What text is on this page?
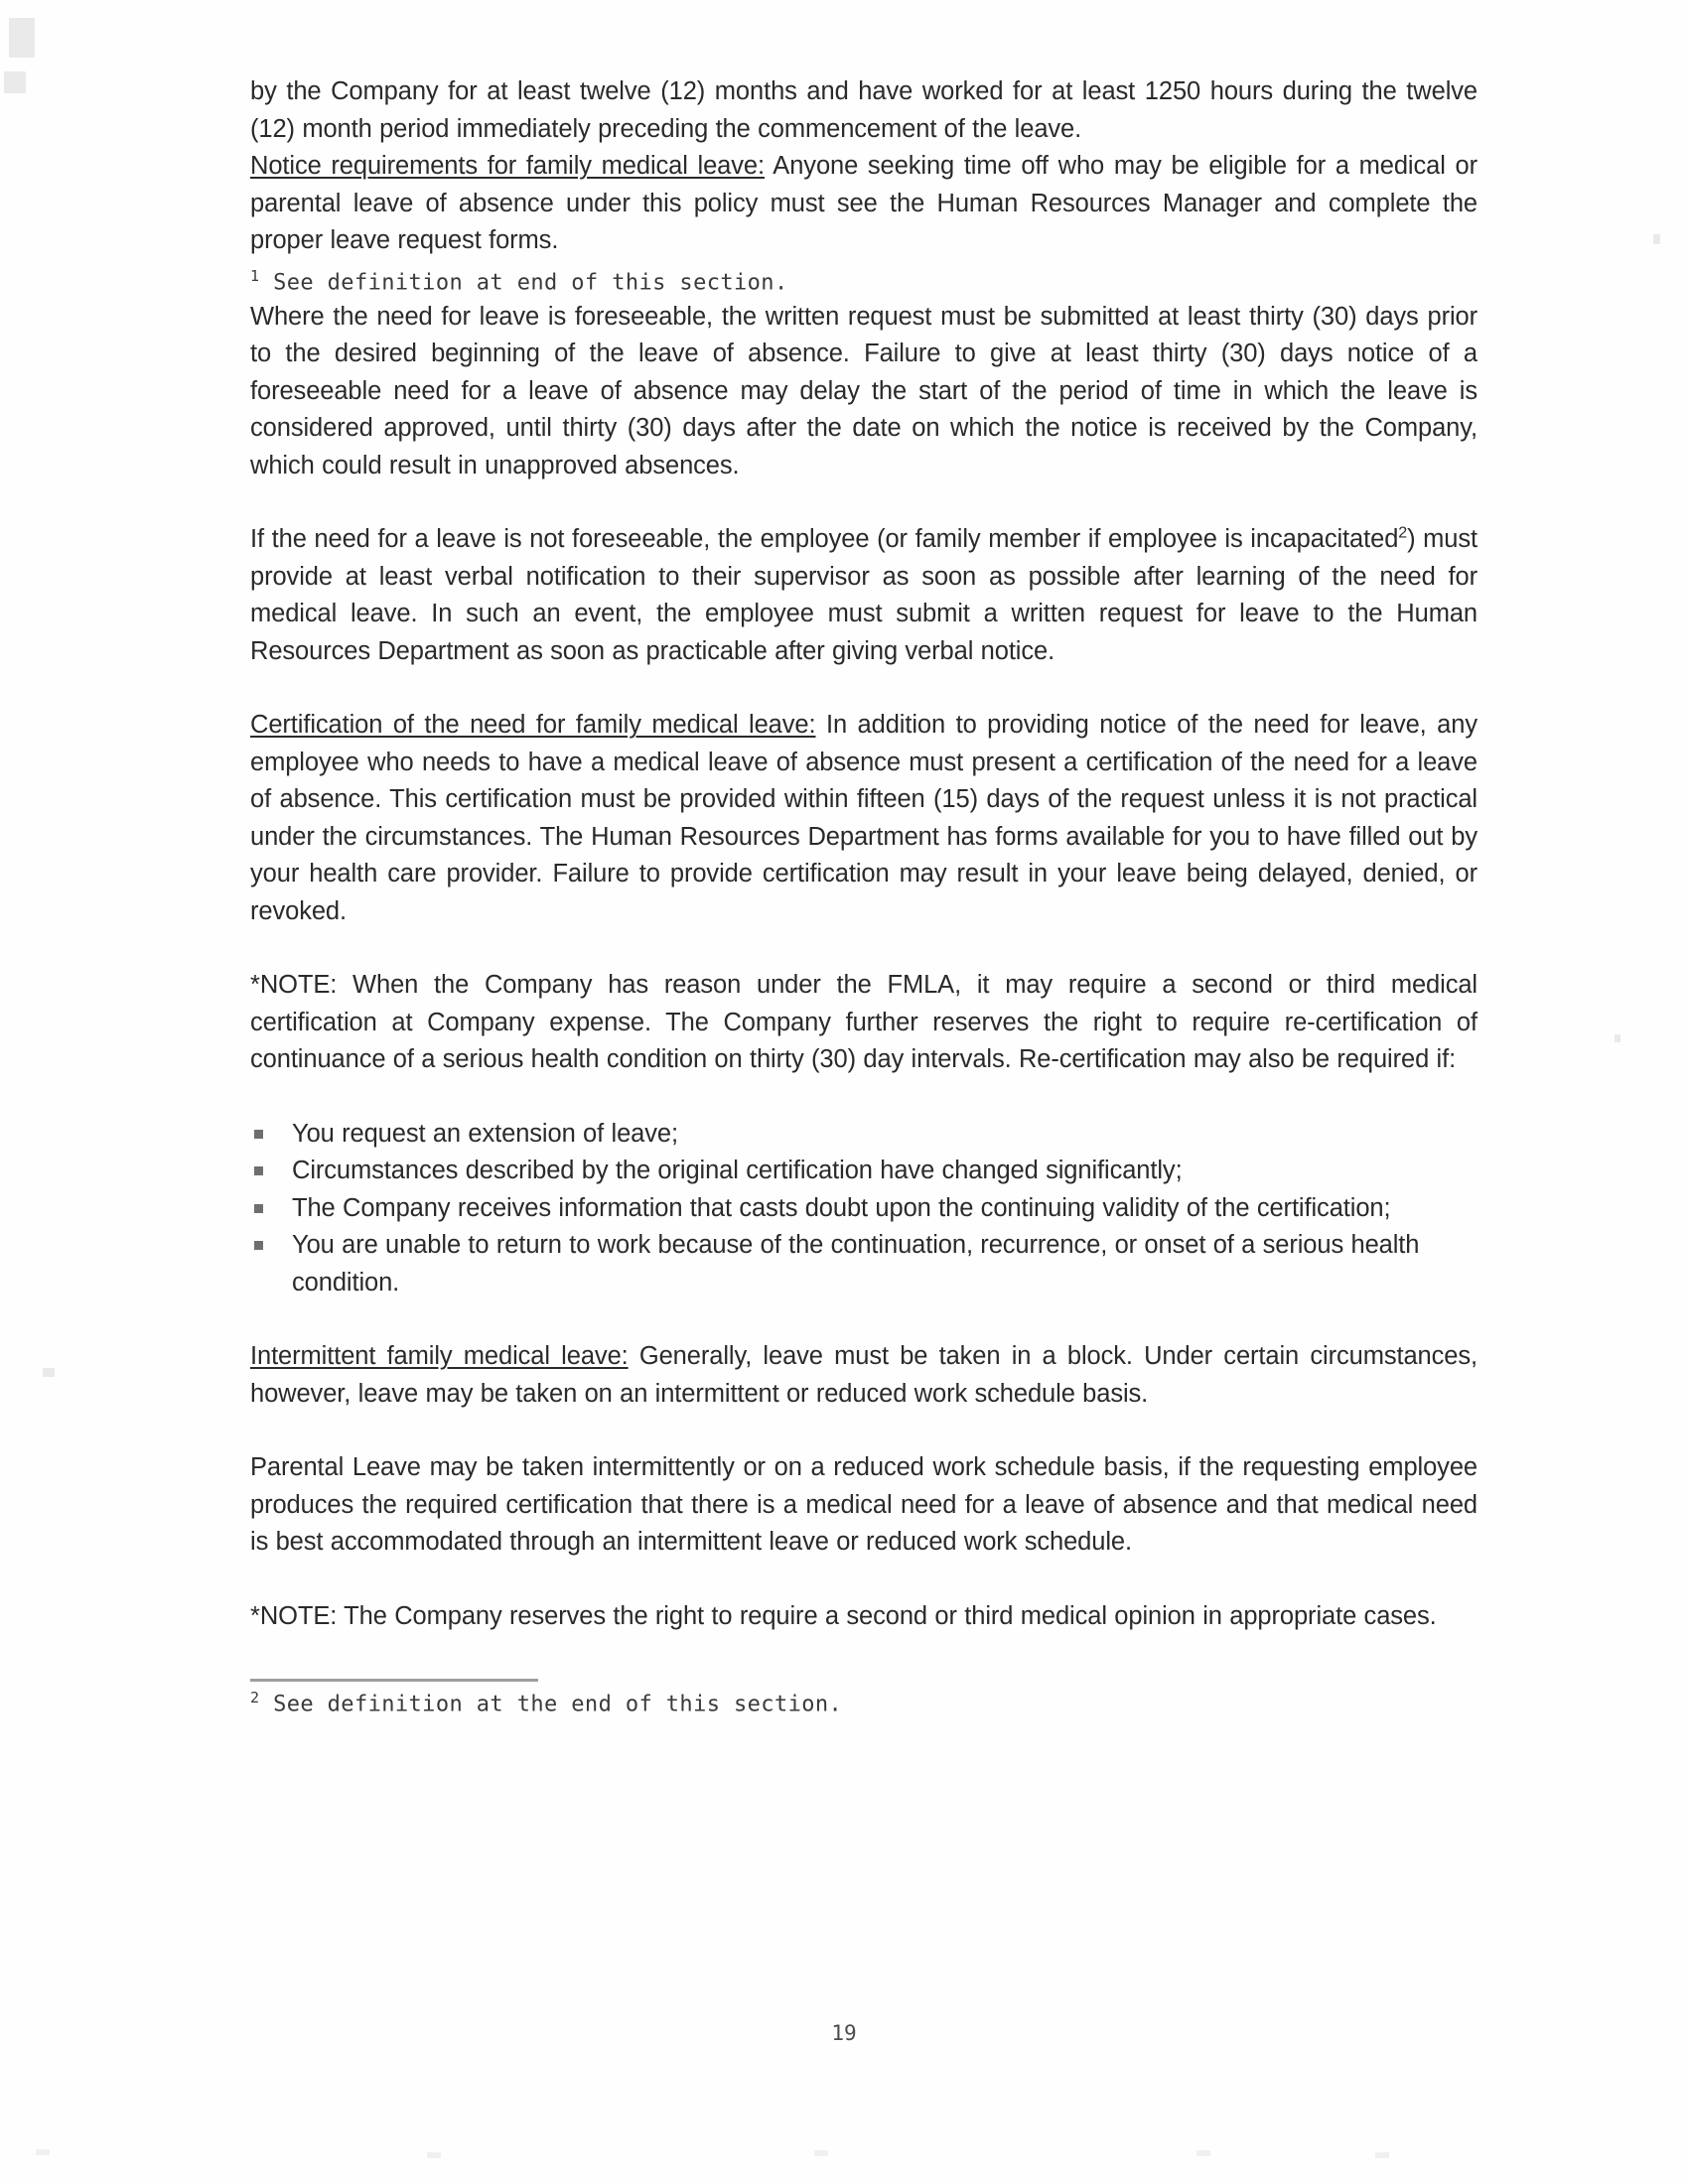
by the Company for at least twelve (12) months and have worked for at least 1250 hours during the twelve (12) month period immediately preceding the commencement of the leave.

Notice requirements for family medical leave: Anyone seeking time off who may be eligible for a medical or parental leave of absence under this policy must see the Human Resources Manager and complete the proper leave request forms.

$^1$ See definition at end of this section.

Where the need for leave is foreseeable, the written request must be submitted at least thirty (30) days prior to the desired beginning of the leave of absence. Failure to give at least thirty (30) days notice of a foreseeable need for a leave of absence may delay the start of the period of time in which the leave is considered approved, until thirty (30) days after the date on which the notice is received by the Company, which could result in unapproved absences.

If the need for a leave is not foreseeable, the employee (or family member if employee is incapacitated$^2$) must provide at least verbal notification to their supervisor as soon as possible after learning of the need for medical leave. In such an event, the employee must submit a written request for leave to the Human Resources Department as soon as practicable after giving verbal notice.

Certification of the need for family medical leave: In addition to providing notice of the need for leave, any employee who needs to have a medical leave of absence must present a certification of the need for a leave of absence. This certification must be provided within fifteen (15) days of the request unless it is not practical under the circumstances. The Human Resources Department has forms available for you to have filled out by your health care provider. Failure to provide certification may result in your leave being delayed, denied, or revoked.

*NOTE: When the Company has reason under the FMLA, it may require a second or third medical certification at Company expense. The Company further reserves the right to require re-certification of continuance of a serious health condition on thirty (30) day intervals. Re-certification may also be required if:

You request an extension of leave;
Circumstances described by the original certification have changed significantly;
The Company receives information that casts doubt upon the continuing validity of the certification;
You are unable to return to work because of the continuation, recurrence, or onset of a serious health condition.

Intermittent family medical leave: Generally, leave must be taken in a block. Under certain circumstances, however, leave may be taken on an intermittent or reduced work schedule basis.

Parental Leave may be taken intermittently or on a reduced work schedule basis, if the requesting employee produces the required certification that there is a medical need for a leave of absence and that medical need is best accommodated through an intermittent leave or reduced work schedule.

*NOTE: The Company reserves the right to require a second or third medical opinion in appropriate cases.

$^2$ See definition at the end of this section.

19
